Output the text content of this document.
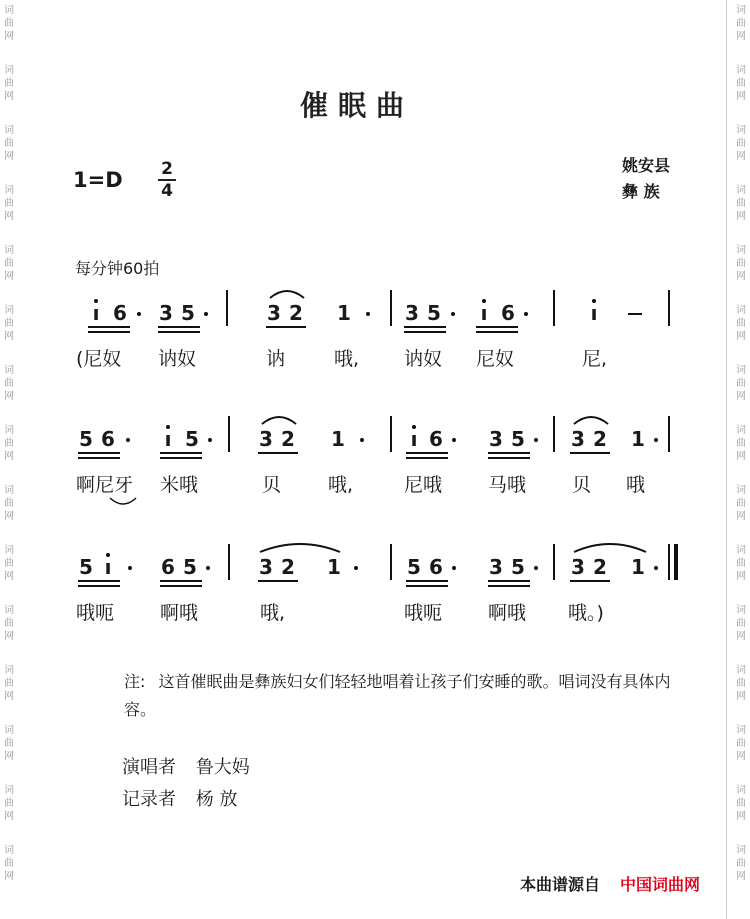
词
曲
网
词
曲
网
词
曲
网
词
曲
网
词
曲
网
词
曲
网
词
曲
网
词
曲
网
词
曲
网
词
曲
网
词
曲
网
词
曲
网
词
曲
网
词
曲
网
词
曲
网
词
曲
网
词
曲
网
词
曲
网
词
曲
网
词
曲
网
词
曲
网
词
曲
网
词
曲
网
词
曲
网
词
曲
网
词
曲
网
词
曲
网
词
曲
网
词
曲
网
词
曲
网
催眠曲
1=D 2
4
姚安县
彝 族
每分钟60拍
ı 6 3 5	3 2 1	3 5 ı 6	ı
(尼奴 讷奴	讷	哦, 讷奴 尼奴	尼,
5 6 ı 5	3 2 1	ı 6 3 5 3 2 1
啊尼牙 米哦	贝 哦,	尼哦 马哦 贝 哦
5 ı 6 5	3 2 1	5 6 3 5 3 2 1
哦呃 啊哦	哦,	哦呃 啊哦 哦。)
注: 这首催眠曲是彝族妇女们轻轻地唱着让孩子们安睡的歌。唱词没有具体内容。
演唱者 鲁大妈
记录者 杨 放
本曲谱源自 中国词曲网
